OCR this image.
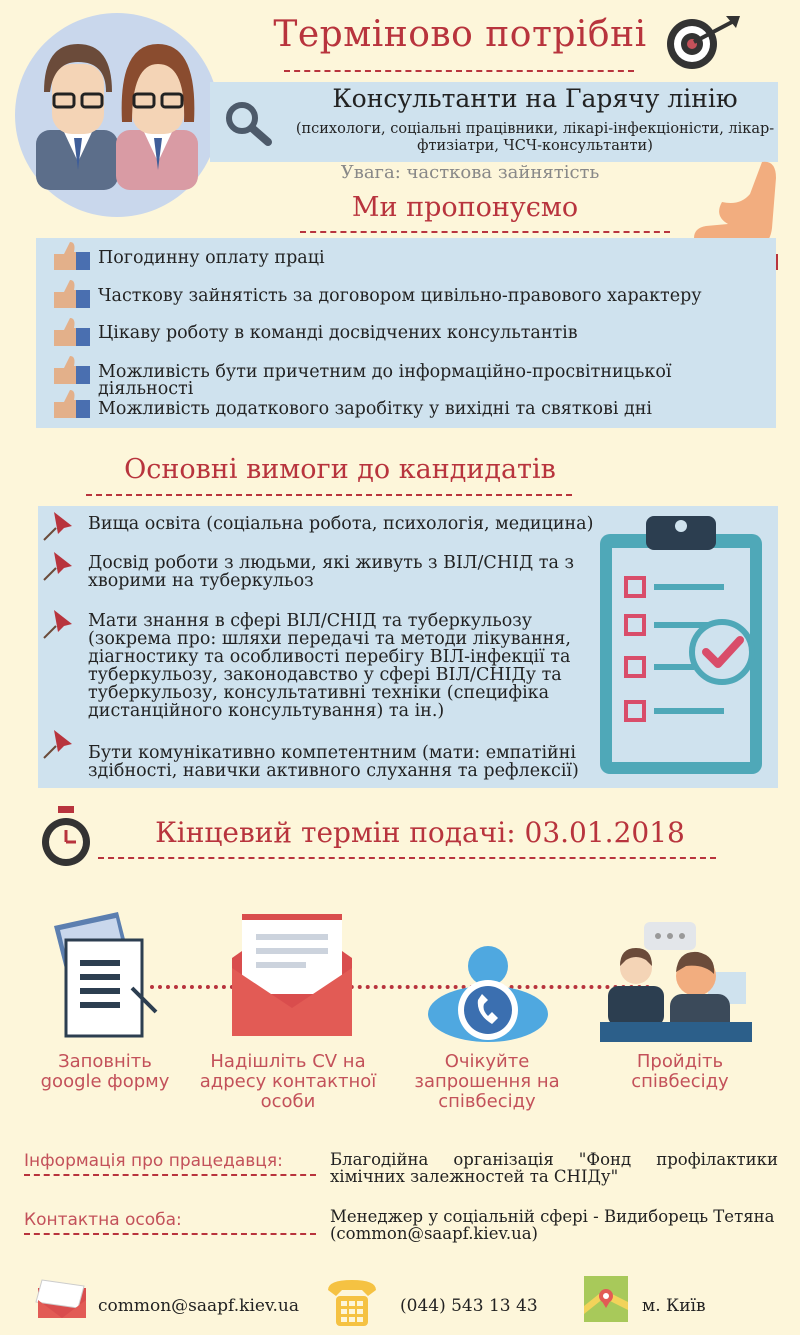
Терміново потрібні
Консультанти на Гарячу лінію
(психологи, соціальні працівники, лікарі-інфекціоністи, лікар-фтизіатри, ЧСЧ-консультанти)
Увага: часткова зайнятість
Ми пропонуємо
Погодинну оплату праці
Часткову зайнятість за договором цивільно-правового характеру
Цікаву роботу в команді досвідчених консультантів
Можливість бути причетним до інформаційно-просвітницької діяльності
Можливість додаткового заробітку у вихідні та святкові дні
Основні вимоги до кандидатів
Вища освіта (соціальна робота, психологія, медицина)
Досвід роботи з людьми, які живуть з ВІЛ/СНІД та з хворими на туберкульоз
Мати знання в сфері ВІЛ/СНІД та туберкульозу (зокрема про: шляхи передачі та методи лікування, діагностику та особливості перебігу ВІЛ-інфекції та туберкульозу, законодавство у сфері ВІЛ/СНІДу та туберкульозу, консультативні техніки (специфіка дистанційного консультування) та ін.)
Бути комунікативно компетентним (мати: емпатійні здібності, навички активного слухання та рефлексії)
Кінцевий термін подачі: 03.01.2018
Заповніть google форму
Надішліть CV на адресу контактної особи
Очікуйте запрошення на співбесіду
Пройдіть співбесіду
Інформація про працедавця:	Благодійна організація "Фонд профілактики хімічних залежностей та СНІДу"
Контактна особа:	Менеджер у соціальній сфері - Видиборець Тетяна (common@saapf.kiev.ua)
common@saapf.kiev.ua	(044) 543 13 43	м. Київ
